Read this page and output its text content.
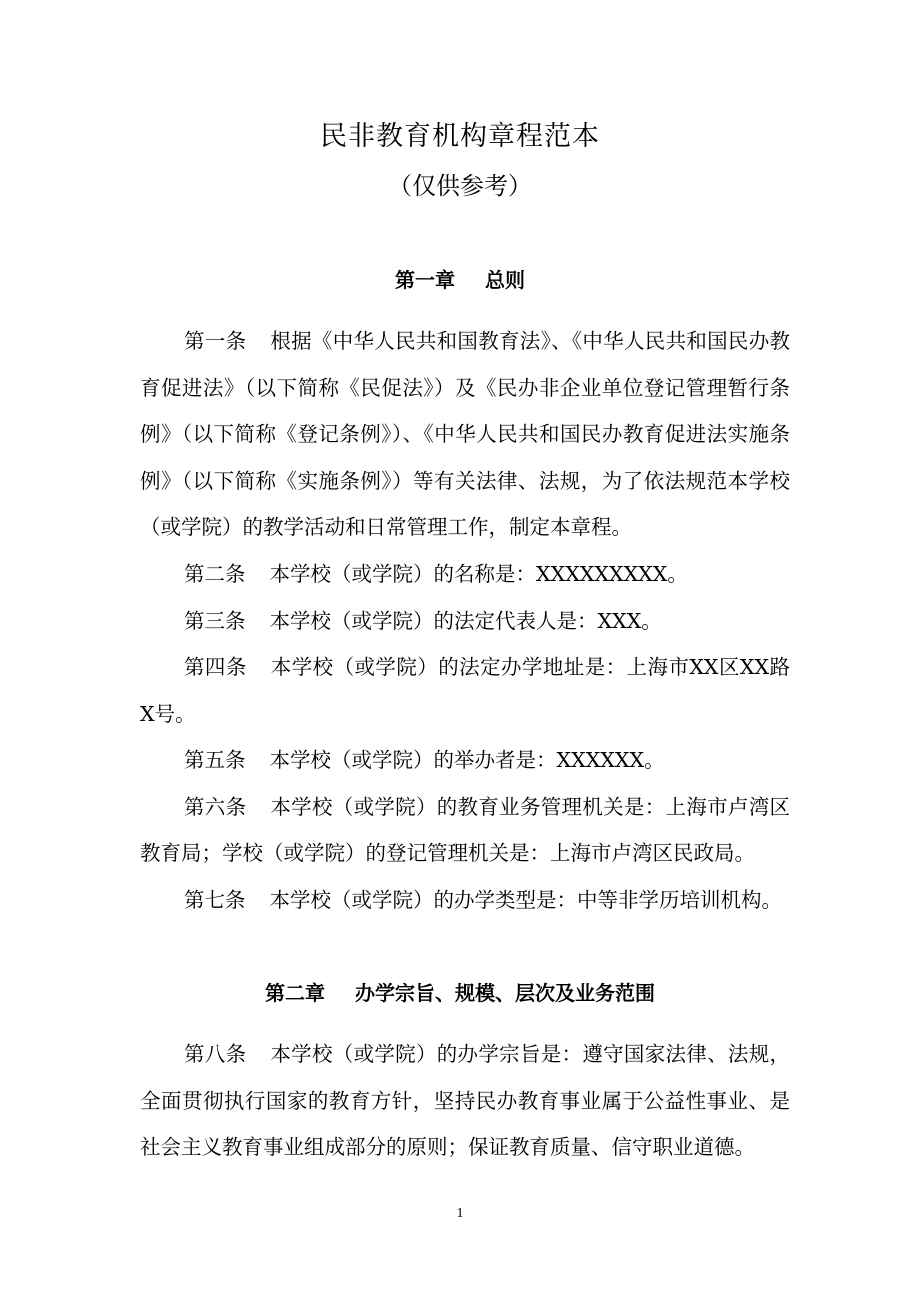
民非教育机构章程范本
（仅供参考）
第一章 总则

第一条 根据《中华人民共和国教育法》、《中华人民共和国民办教育促进法》（以下简称《民促法》）及《民办非企业单位登记管理暂行条例》（以下简称《登记条例》）、《中华人民共和国民办教育促进法实施条例》（以下简称《实施条例》）等有关法律、法规，为了依法规范本学校（或学院）的教学活动和日常管理工作，制定本章程。

第二条 本学校（或学院）的名称是：XXXXXXXXX。

第三条 本学校（或学院）的法定代表人是：XXX。

第四条 本学校（或学院）的法定办学地址是：上海市XX区XX路X号。

第五条 本学校（或学院）的举办者是：XXXXXX。

第六条 本学校（或学院）的教育业务管理机关是：上海市卢湾区教育局；学校（或学院）的登记管理机关是：上海市卢湾区民政局。

第七条 本学校（或学院）的办学类型是：中等非学历培训机构。

第二章 办学宗旨、规模、层次及业务范围

第八条 本学校（或学院）的办学宗旨是：遵守国家法律、法规，全面贯彻执行国家的教育方针，坚持民办教育事业属于公益性事业、是社会主义教育事业组成部分的原则；保证教育质量、信守职业道德。

1
